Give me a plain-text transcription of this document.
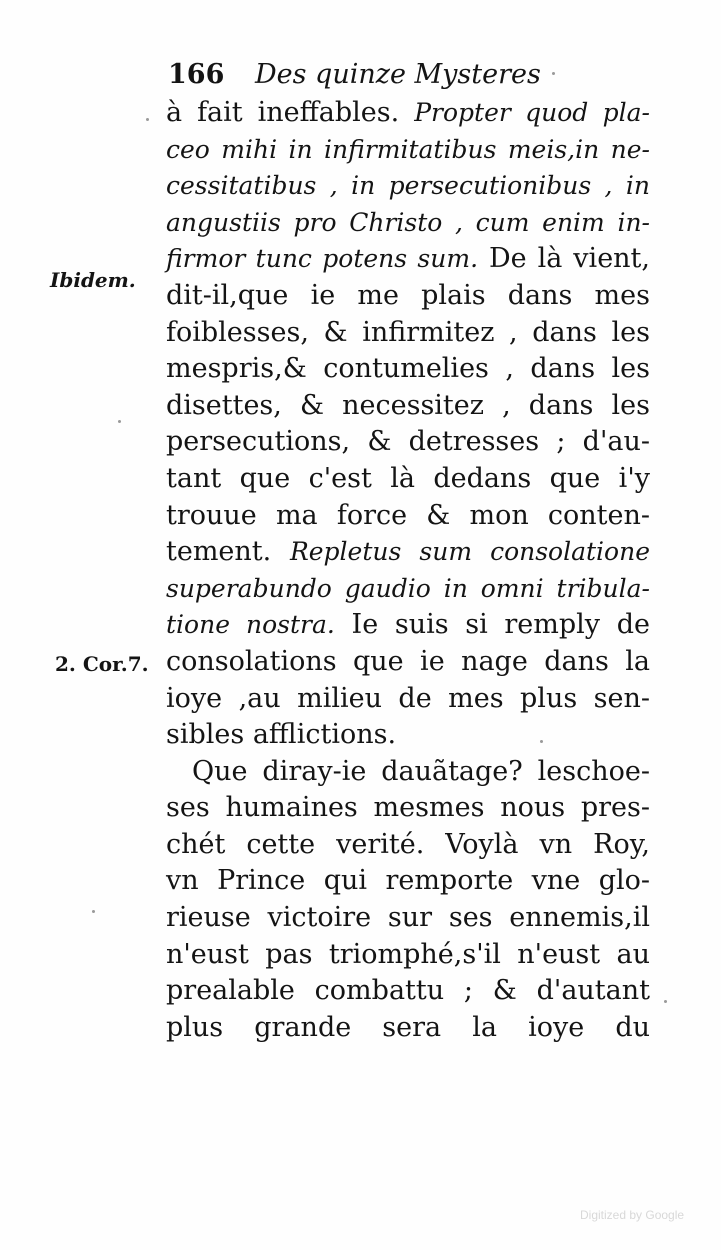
166 Des quinze Mysteres
Ibidem.
2. Cor.7.
à fait ineffables. Propter quod pla-
ceo mihi in infirmitatibus meis,in ne-
cessitatibus , in persecutionibus , in
angustiis pro Christo , cum enim in-
firmor tunc potens sum. De là vient,
dit-il,que ie me plais dans mes
foiblesses, & infirmitez , dans les
mespris,& contumelies , dans les
disettes, & necessitez , dans les
persecutions, & detresses ; d'au-
tant que c'est là dedans que i'y
trouue ma force & mon conten-
tement. Repletus sum consolatione
superabundo gaudio in omni tribula-
tione nostra. Ie suis si remply de
consolations que ie nage dans la
ioye ,au milieu de mes plus sen-
sibles afflictions.
Que diray-ie dauãtage? leschoe-
ses humaines mesmes nous pres-
chét cette verité. Voylà vn Roy,
vn Prince qui remporte vne glo-
rieuse victoire sur ses ennemis,il
n'eust pas triomphé,s'il n'eust au
prealable combattu ; & d'autant
plus grande sera la ioye du
Digitized by Google
